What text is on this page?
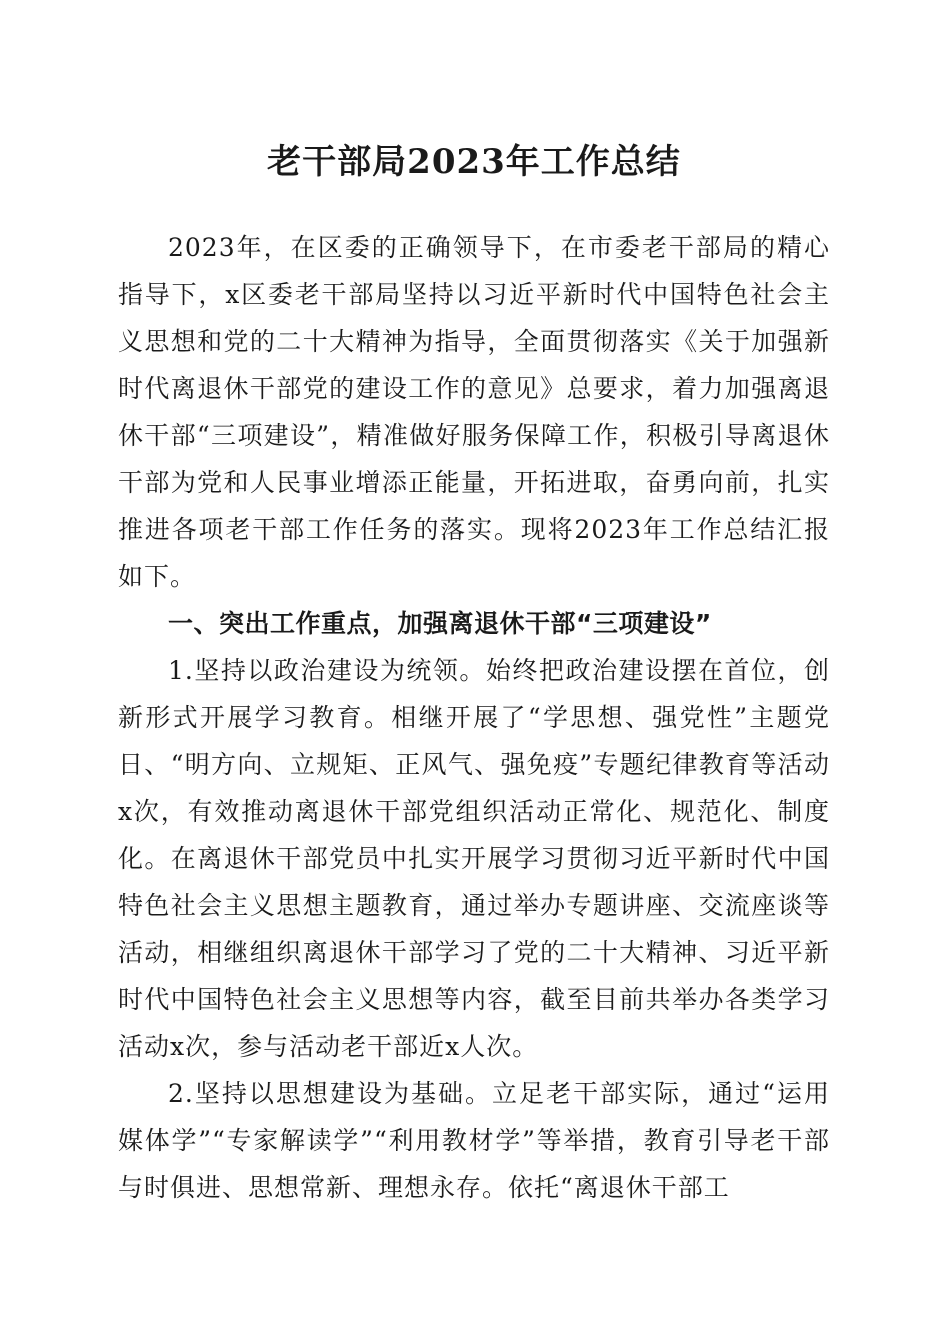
老干部局2023年工作总结

2023年，在区委的正确领导下，在市委老干部局的精心指导下，x区委老干部局坚持以习近平新时代中国特色社会主义思想和党的二十大精神为指导，全面贯彻落实《关于加强新时代离退休干部党的建设工作的意见》总要求，着力加强离退休干部“三项建设”，精准做好服务保障工作，积极引导离退休干部为党和人民事业增添正能量，开拓进取，奋勇向前，扎实推进各项老干部工作任务的落实。现将2023年工作总结汇报如下。

一、突出工作重点，加强离退休干部“三项建设”

1.坚持以政治建设为统领。始终把政治建设摆在首位，创新形式开展学习教育。相继开展了“学思想、强党性”主题党日、“明方向、立规矩、正风气、强免疫”专题纪律教育等活动x次，有效推动离退休干部党组织活动正常化、规范化、制度化。在离退休干部党员中扎实开展学习贯彻习近平新时代中国特色社会主义思想主题教育，通过举办专题讲座、交流座谈等活动，相继组织离退休干部学习了党的二十大精神、习近平新时代中国特色社会主义思想等内容，截至目前共举办各类学习活动x次，参与活动老干部近x人次。

2.坚持以思想建设为基础。立足老干部实际，通过“运用媒体学”“专家解读学”“利用教材学”等举措，教育引导老干部与时俱进、思想常新、理想永存。依托“离退休干部工
